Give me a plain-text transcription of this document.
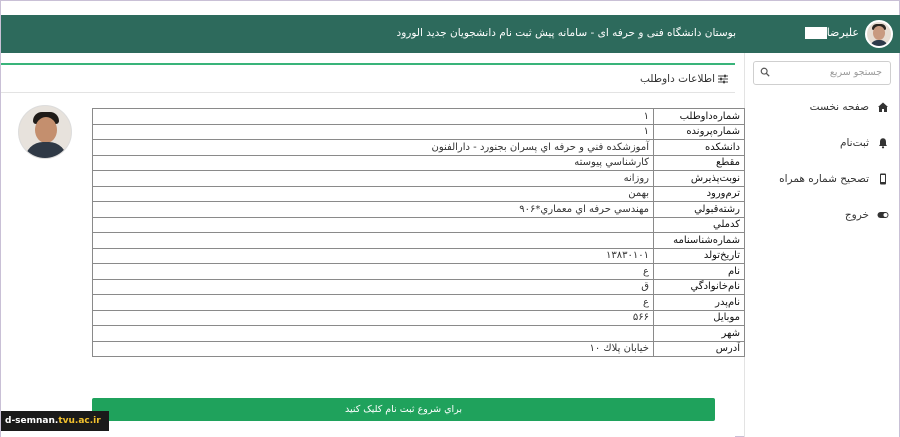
علیرضا
بوستان دانشگاه فنی و حرفه ای - سامانه پیش ثبت نام دانشجویان جدید الورود
جستجو سریع
صفحه نخست
ثبت‌نام
تصحیح شماره همراه
خروج
اطلاعات داوطلب
شماره‌داوطلب	۱
شماره‌پرونده	۱
دانشکده	آموزشکده فني و حرفه اي پسران بجنورد - دارالفنون
مقطع	کارشناسي پيوسته
نوبت‌پذيرش	روزانه
ترم‌ورود	بهمن
رشته‌قبولي	مهندسي حرفه اي معماري*۹۰۶
کدملي	
شماره‌شناسنامه	
تاريخ‌تولد	۱۳۸۳۰۱۰۱
نام	ع
نام‌خانوادگي	ق
نام‌پدر	ع
موبايل	۵۶۶
شهر	
آدرس	خيابان پلاك ۱۰
براي شروع ثبت نام کليک کنيد
d-semnan.tvu.ac.ir
